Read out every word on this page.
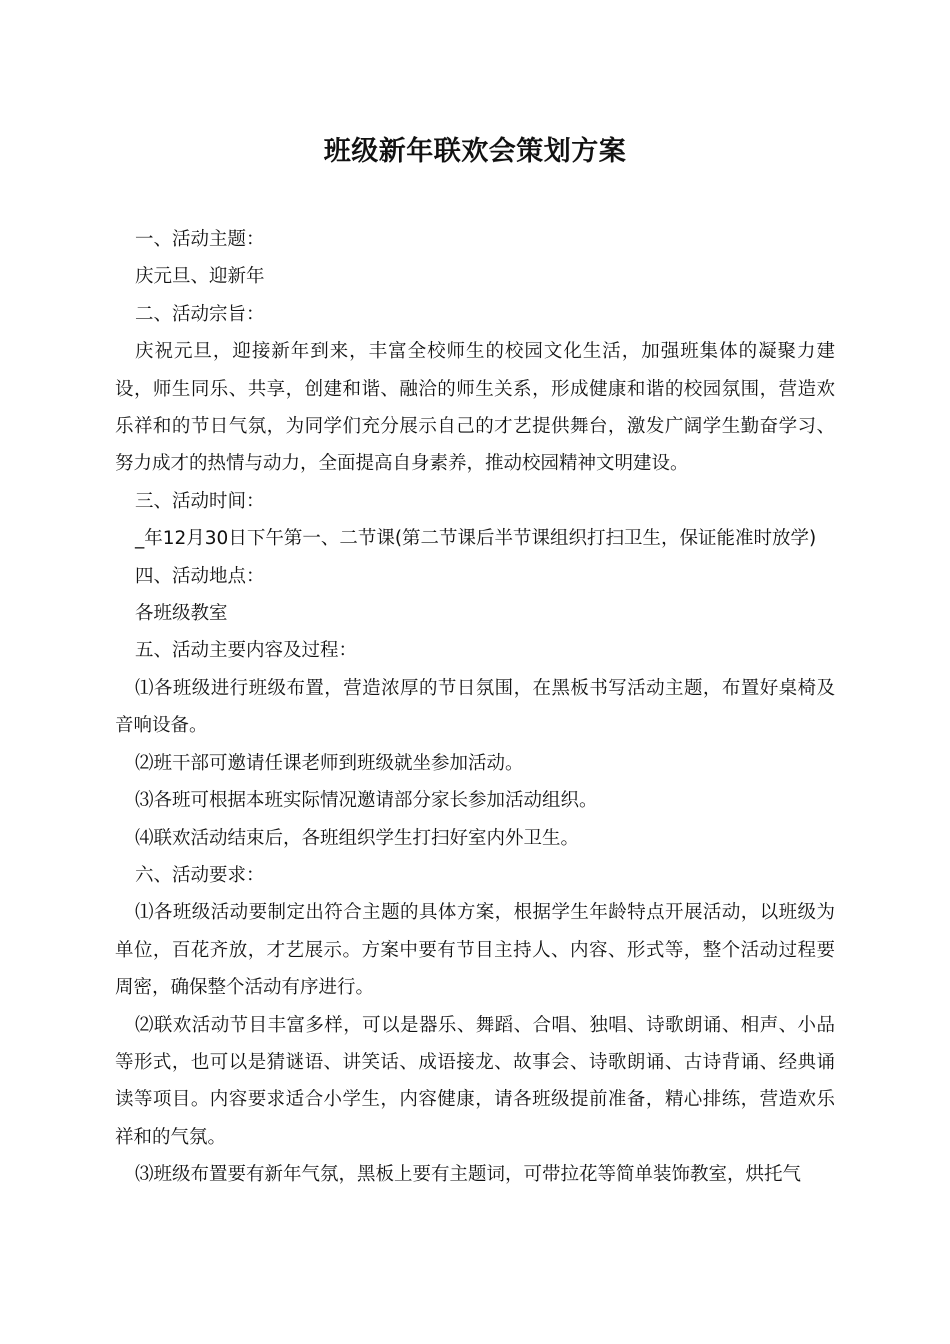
班级新年联欢会策划方案

一、活动主题：

庆元旦、迎新年

二、活动宗旨：

庆祝元旦，迎接新年到来，丰富全校师生的校园文化生活，加强班集体的凝聚力建设，师生同乐、共享，创建和谐、融洽的师生关系，形成健康和谐的校园氛围，营造欢乐祥和的节日气氛，为同学们充分展示自己的才艺提供舞台，激发广阔学生勤奋学习、努力成才的热情与动力，全面提高自身素养，推动校园精神文明建设。

三、活动时间：

_年12月30日下午第一、二节课(第二节课后半节课组织打扫卫生，保证能准时放学)

四、活动地点：

各班级教室

五、活动主要内容及过程：

⑴各班级进行班级布置，营造浓厚的节日氛围，在黑板书写活动主题，布置好桌椅及音响设备。

⑵班干部可邀请任课老师到班级就坐参加活动。

⑶各班可根据本班实际情况邀请部分家长参加活动组织。

⑷联欢活动结束后，各班组织学生打扫好室内外卫生。

六、活动要求：

⑴各班级活动要制定出符合主题的具体方案，根据学生年龄特点开展活动，以班级为单位，百花齐放，才艺展示。方案中要有节目主持人、内容、形式等，整个活动过程要周密，确保整个活动有序进行。

⑵联欢活动节目丰富多样，可以是器乐、舞蹈、合唱、独唱、诗歌朗诵、相声、小品等形式，也可以是猜谜语、讲笑话、成语接龙、故事会、诗歌朗诵、古诗背诵、经典诵读等项目。内容要求适合小学生，内容健康，请各班级提前准备，精心排练，营造欢乐祥和的气氛。

⑶班级布置要有新年气氛，黑板上要有主题词，可带拉花等简单装饰教室，烘托气
